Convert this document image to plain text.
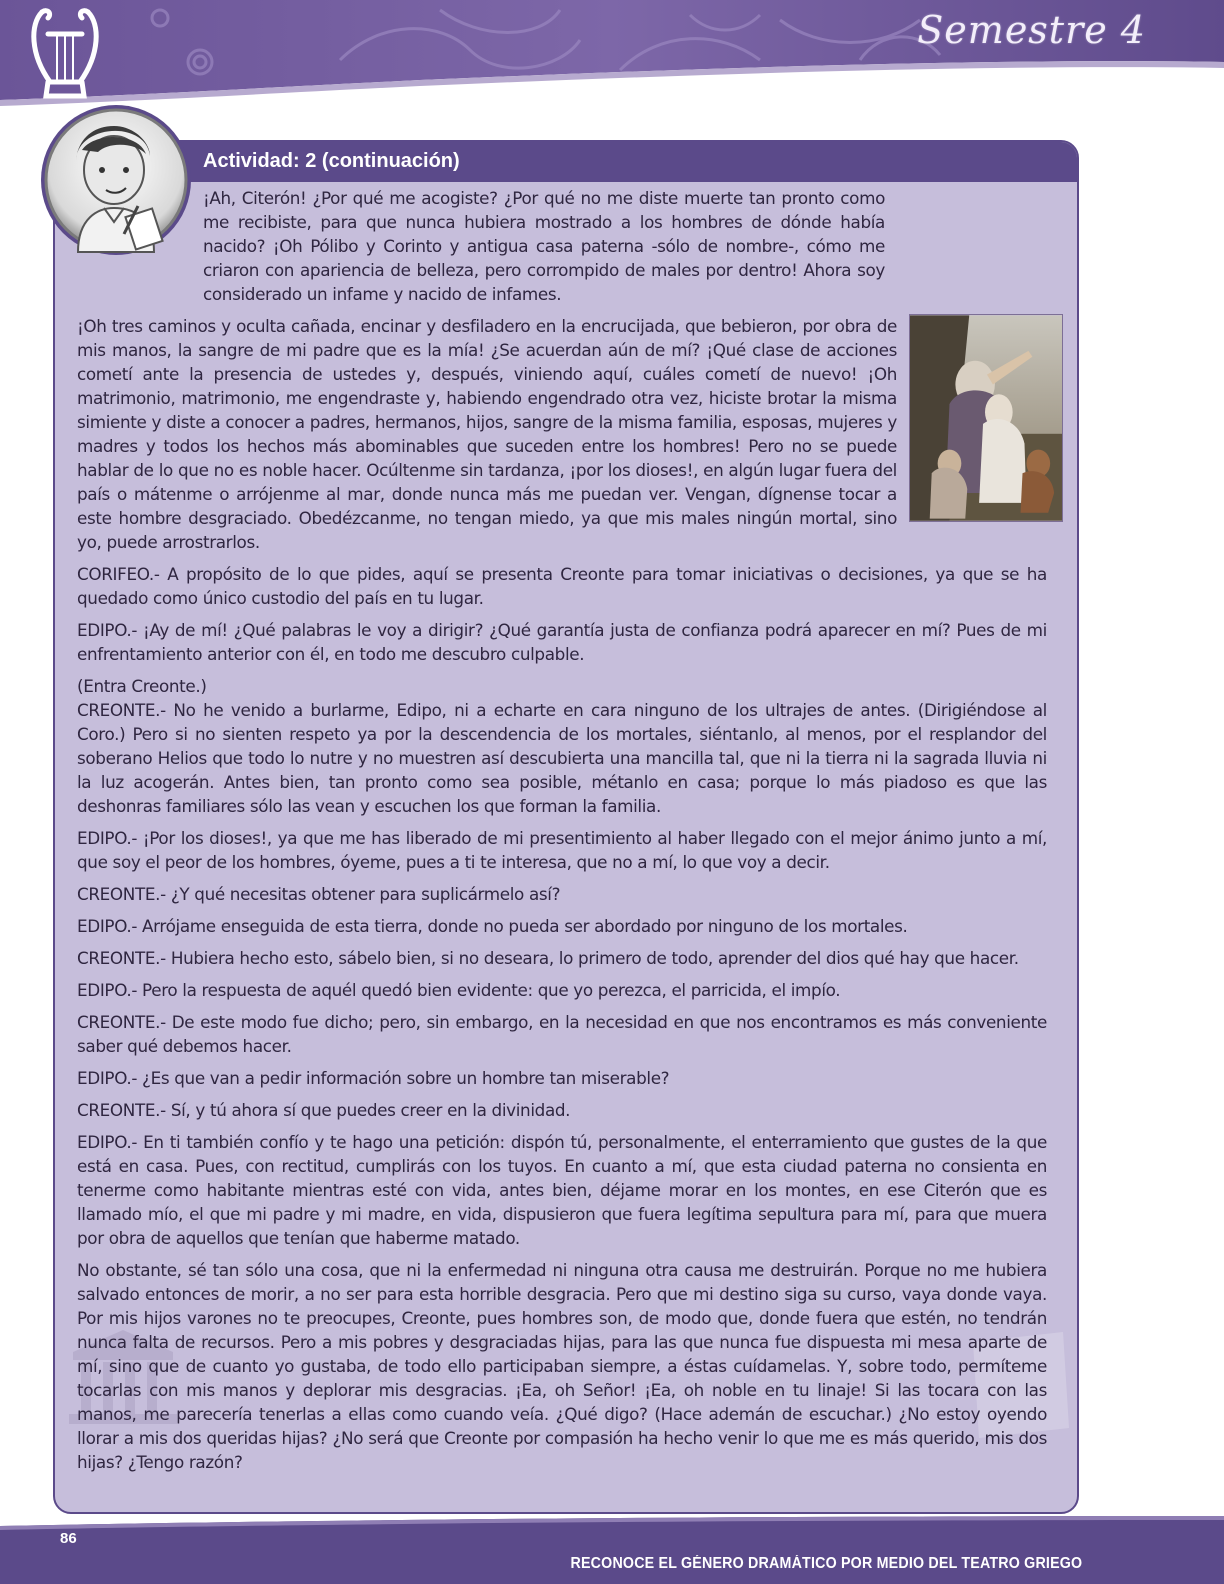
Semestre 4
Actividad: 2 (continuación)

¡Ah, Citerón! ¿Por qué me acogiste? ¿Por qué no me diste muerte tan pronto como me recibiste, para que nunca hubiera mostrado a los hombres de dónde había nacido? ¡Oh Pólibo y Corinto y antigua casa paterna -sólo de nombre-, cómo me criaron con apariencia de belleza, pero corrompido de males por dentro! Ahora soy considerado un infame y nacido de infames.

¡Oh tres caminos y oculta cañada, encinar y desfiladero en la encrucijada, que bebieron, por obra de mis manos, la sangre de mi padre que es la mía! ¿Se acuerdan aún de mí? ¡Qué clase de acciones cometí ante la presencia de ustedes y, después, viniendo aquí, cuáles cometí de nuevo! ¡Oh matrimonio, matrimonio, me engendraste y, habiendo engendrado otra vez, hiciste brotar la misma simiente y diste a conocer a padres, hermanos, hijos, sangre de la misma familia, esposas, mujeres y madres y todos los hechos más abominables que suceden entre los hombres! Pero no se puede hablar de lo que no es noble hacer. Ocúltenme sin tardanza, ¡por los dioses!, en algún lugar fuera del país o mátenme o arrójenme al mar, donde nunca más me puedan ver. Vengan, dígnense tocar a este hombre desgraciado. Obedézcanme, no tengan miedo, ya que mis males ningún mortal, sino yo, puede arrostrarlos.

CORIFEO.- A propósito de lo que pides, aquí se presenta Creonte para tomar iniciativas o decisiones, ya que se ha quedado como único custodio del país en tu lugar.

EDIPO.- ¡Ay de mí! ¿Qué palabras le voy a dirigir? ¿Qué garantía justa de confianza podrá aparecer en mí? Pues de mi enfrentamiento anterior con él, en todo me descubro culpable.

(Entra Creonte.)

CREONTE.- No he venido a burlarme, Edipo, ni a echarte en cara ninguno de los ultrajes de antes. (Dirigiéndose al Coro.) Pero si no sienten respeto ya por la descendencia de los mortales, siéntanlo, al menos, por el resplandor del soberano Helios que todo lo nutre y no muestren así descubierta una mancilla tal, que ni la tierra ni la sagrada lluvia ni la luz acogerán. Antes bien, tan pronto como sea posible, métanlo en casa; porque lo más piadoso es que las deshonras familiares sólo las vean y escuchen los que forman la familia.

EDIPO.- ¡Por los dioses!, ya que me has liberado de mi presentimiento al haber llegado con el mejor ánimo junto a mí, que soy el peor de los hombres, óyeme, pues a ti te interesa, que no a mí, lo que voy a decir.

CREONTE.- ¿Y qué necesitas obtener para suplicármelo así?

EDIPO.- Arrójame enseguida de esta tierra, donde no pueda ser abordado por ninguno de los mortales.

CREONTE.- Hubiera hecho esto, sábelo bien, si no deseara, lo primero de todo, aprender del dios qué hay que hacer.

EDIPO.- Pero la respuesta de aquél quedó bien evidente: que yo perezca, el parricida, el impío.

CREONTE.- De este modo fue dicho; pero, sin embargo, en la necesidad en que nos encontramos es más conveniente saber qué debemos hacer.

EDIPO.- ¿Es que van a pedir información sobre un hombre tan miserable?

CREONTE.- Sí, y tú ahora sí que puedes creer en la divinidad.

EDIPO.- En ti también confío y te hago una petición: dispón tú, personalmente, el enterramiento que gustes de la que está en casa. Pues, con rectitud, cumplirás con los tuyos. En cuanto a mí, que esta ciudad paterna no consienta en tenerme como habitante mientras esté con vida, antes bien, déjame morar en los montes, en ese Citerón que es llamado mío, el que mi padre y mi madre, en vida, dispusieron que fuera legítima sepultura para mí, para que muera por obra de aquellos que tenían que haberme matado.

No obstante, sé tan sólo una cosa, que ni la enfermedad ni ninguna otra causa me destruirán. Porque no me hubiera salvado entonces de morir, a no ser para esta horrible desgracia. Pero que mi destino siga su curso, vaya donde vaya. Por mis hijos varones no te preocupes, Creonte, pues hombres son, de modo que, donde fuera que estén, no tendrán nunca falta de recursos. Pero a mis pobres y desgraciadas hijas, para las que nunca fue dispuesta mi mesa aparte de mí, sino que de cuanto yo gustaba, de todo ello participaban siempre, a éstas cuídamelas. Y, sobre todo, permíteme tocarlas con mis manos y deplorar mis desgracias. ¡Ea, oh Señor! ¡Ea, oh noble en tu linaje! Si las tocara con las manos, me parecería tenerlas a ellas como cuando veía. ¿Qué digo? (Hace ademán de escuchar.) ¿No estoy oyendo llorar a mis dos queridas hijas? ¿No será que Creonte por compasión ha hecho venir lo que me es más querido, mis dos hijas? ¿Tengo razón?

86
RECONOCE EL GÉNERO DRAMÁTICO POR MEDIO DEL TEATRO GRIEGO
